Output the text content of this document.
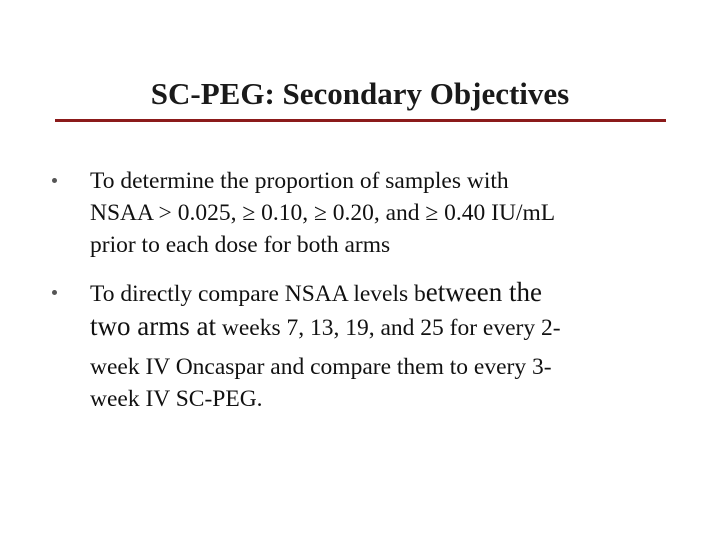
SC-PEG: Secondary Objectives
To determine the proportion of samples with
NSAA > 0.025, ≥ 0.10, ≥ 0.20, and ≥ 0.40 IU/mL
prior to each dose for both arms
To directly compare NSAA levels between the
two arms at weeks 7, 13, 19, and 25 for every 2-
week IV Oncaspar and compare them to every 3-
week IV SC-PEG.
